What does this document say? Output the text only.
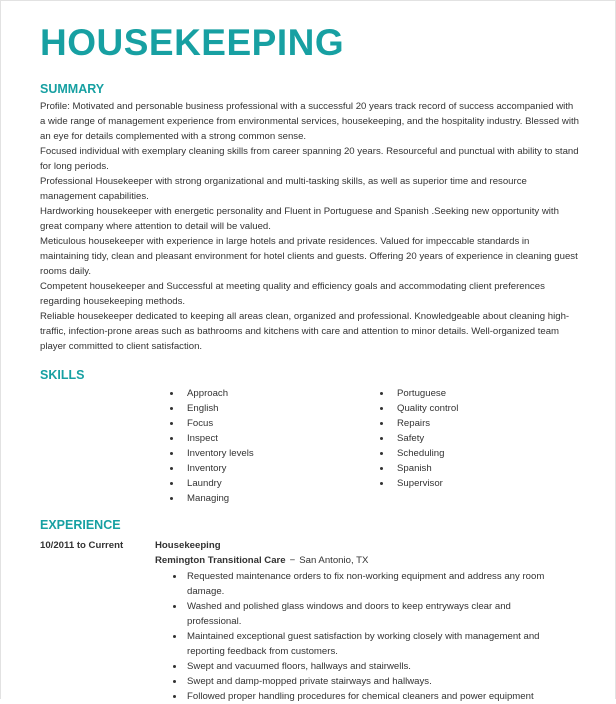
HOUSEKEEPING
SUMMARY

Profile: Motivated and personable business professional with a successful 20 years track record of success accompanied with a wide range of management experience from environmental services, housekeeping, and the hospitality industry. Blessed with an eye for details complemented with a strong common sense.

Focused individual with exemplary cleaning skills from career spanning 20 years. Resourceful and punctual with ability to stand for long periods.

Professional Housekeeper with strong organizational and multi-tasking skills, as well as superior time and resource management capabilities.

Hardworking housekeeper with energetic personality and Fluent in Portuguese and Spanish .Seeking new opportunity with great company where attention to detail will be valued.

Meticulous housekeeper with experience in large hotels and private residences. Valued for impeccable standards in maintaining tidy, clean and pleasant environment for hotel clients and guests. Offering 20 years of experience in cleaning guest rooms daily.

Competent housekeeper and Successful at meeting quality and efficiency goals and accommodating client preferences regarding housekeeping methods.

Reliable housekeeper dedicated to keeping all areas clean, organized and professional. Knowledgeable about cleaning high-traffic, infection-prone areas such as bathrooms and kitchens with care and attention to minor details. Well-organized team player committed to client satisfaction.

SKILLS
Approach
English
Focus
Inspect
Inventory levels
Inventory
Laundry
Managing
Portuguese
Quality control
Repairs
Safety
Scheduling
Spanish
Supervisor
EXPERIENCE
10/2011 to Current	Housekeeping
Remington Transitional Care − San Antonio, TX
Requested maintenance orders to fix non-working equipment and address any room damage.
Washed and polished glass windows and doors to keep entryways clear and professional.
Maintained exceptional guest satisfaction by working closely with management and reporting feedback from customers.
Swept and vacuumed floors, hallways and stairwells.
Swept and damp-mopped private stairways and hallways.
Followed proper handling procedures for chemical cleaners and power equipment
